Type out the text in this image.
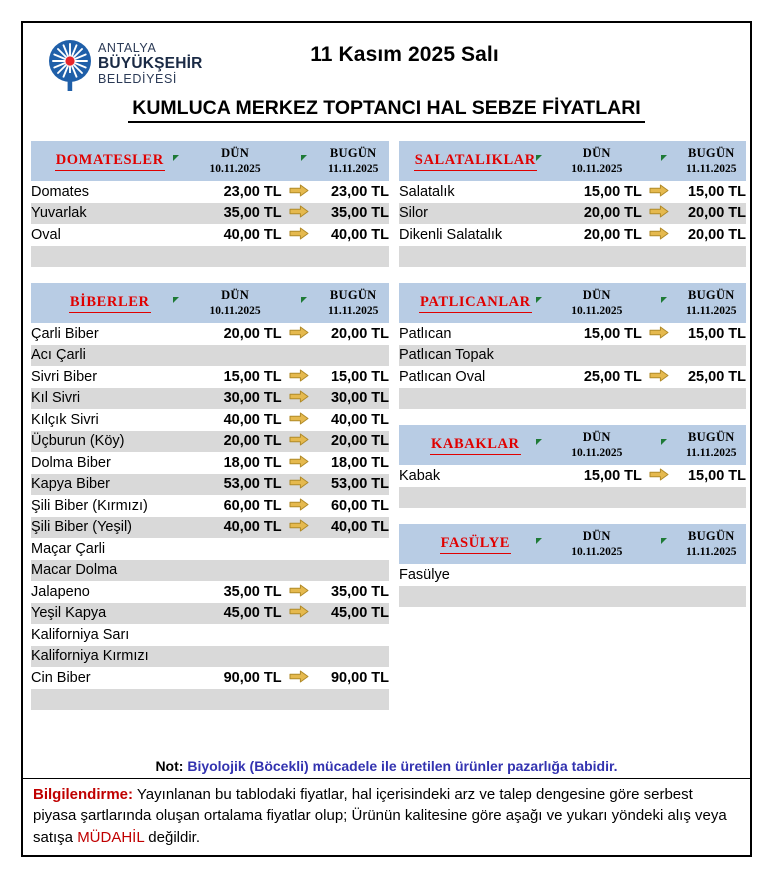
ANTALYA
BÜYÜKŞEHİR
BELEDİYESİ
11 Kasım 2025 Salı
KUMLUCA MERKEZ TOPTANCI HAL SEBZE FİYATLARI
DOMATESLER	DÜN
10.11.2025		BUGÜN
11.11.2025

Domates	23,00 TL		23,00 TL
Yuvarlak	35,00 TL		35,00 TL
Oval	40,00 TL		40,00 TL

BİBERLER	DÜN
10.11.2025		BUGÜN
11.11.2025

Çarli Biber	20,00 TL		20,00 TL
Acı Çarli			
Sivri Biber	15,00 TL		15,00 TL
Kıl Sivri	30,00 TL		30,00 TL
Kılçık Sivri	40,00 TL		40,00 TL
Üçburun (Köy)	20,00 TL		20,00 TL
Dolma Biber	18,00 TL		18,00 TL
Kapya Biber	53,00 TL		53,00 TL
Şili Biber (Kırmızı)	60,00 TL		60,00 TL
Şili Biber (Yeşil)	40,00 TL		40,00 TL
Maçar Çarli			
Macar Dolma			
Jalapeno	35,00 TL		35,00 TL
Yeşil Kapya	45,00 TL		45,00 TL
Kaliforniya Sarı			
Kaliforniya Kırmızı			
Cin Biber	90,00 TL		90,00 TL

SALATALIKLAR	DÜN
10.11.2025		BUGÜN
11.11.2025

Salatalık	15,00 TL		15,00 TL
Silor	20,00 TL		20,00 TL
Dikenli Salatalık	20,00 TL		20,00 TL

PATLICANLAR	DÜN
10.11.2025		BUGÜN
11.11.2025

Patlıcan	15,00 TL		15,00 TL
Patlıcan Topak			
Patlıcan Oval	25,00 TL		25,00 TL

KABAKLAR	DÜN
10.11.2025		BUGÜN
11.11.2025

Kabak	15,00 TL		15,00 TL

FASÜLYE	DÜN
10.11.2025		BUGÜN
11.11.2025

Fasülye			

Not: Biyolojik (Böcekli) mücadele ile üretilen ürünler pazarlığa tabidir.
Bilgilendirme: Yayınlanan bu tablodaki fiyatlar, hal içerisindeki arz ve talep dengesine göre serbest piyasa şartlarında oluşan ortalama fiyatlar olup; Ürünün kalitesine göre aşağı ve yukarı yöndeki alış veya satışa MÜDAHİL değildir.
